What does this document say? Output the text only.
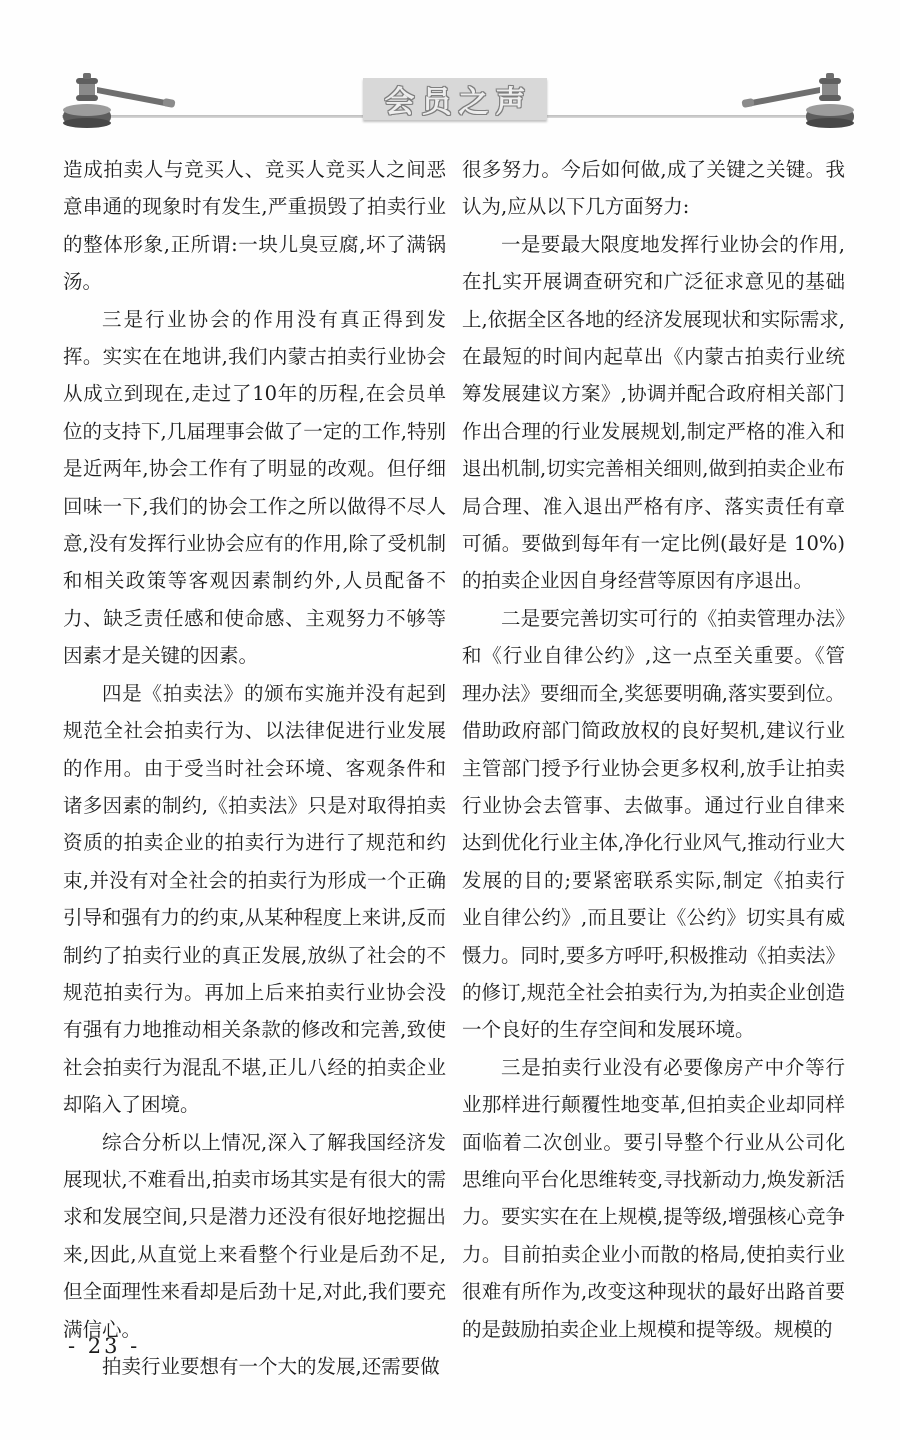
会员之声

造成拍卖人与竞买人、竞买人竞买人之间恶意串通的现象时有发生,严重损毁了拍卖行业的整体形象,正所谓:一块儿臭豆腐,坏了满锅汤。

三是行业协会的作用没有真正得到发挥。实实在在地讲,我们内蒙古拍卖行业协会从成立到现在,走过了10年的历程,在会员单位的支持下,几届理事会做了一定的工作,特别是近两年,协会工作有了明显的改观。但仔细回味一下,我们的协会工作之所以做得不尽人意,没有发挥行业协会应有的作用,除了受机制和相关政策等客观因素制约外,人员配备不力、缺乏责任感和使命感、主观努力不够等因素才是关键的因素。

四是《拍卖法》的颁布实施并没有起到规范全社会拍卖行为、以法律促进行业发展的作用。由于受当时社会环境、客观条件和诸多因素的制约,《拍卖法》只是对取得拍卖资质的拍卖企业的拍卖行为进行了规范和约束,并没有对全社会的拍卖行为形成一个正确引导和强有力的约束,从某种程度上来讲,反而制约了拍卖行业的真正发展,放纵了社会的不规范拍卖行为。再加上后来拍卖行业协会没有强有力地推动相关条款的修改和完善,致使社会拍卖行为混乱不堪,正儿八经的拍卖企业却陷入了困境。

综合分析以上情况,深入了解我国经济发展现状,不难看出,拍卖市场其实是有很大的需求和发展空间,只是潜力还没有很好地挖掘出来,因此,从直觉上来看整个行业是后劲不足,但全面理性来看却是后劲十足,对此,我们要充满信心。

拍卖行业要想有一个大的发展,还需要做

很多努力。今后如何做,成了关键之关键。我认为,应从以下几方面努力:

一是要最大限度地发挥行业协会的作用,在扎实开展调查研究和广泛征求意见的基础上,依据全区各地的经济发展现状和实际需求,在最短的时间内起草出《内蒙古拍卖行业统筹发展建议方案》,协调并配合政府相关部门作出合理的行业发展规划,制定严格的准入和退出机制,切实完善相关细则,做到拍卖企业布局合理、准入退出严格有序、落实责任有章可循。要做到每年有一定比例(最好是 10%)的拍卖企业因自身经营等原因有序退出。

二是要完善切实可行的《拍卖管理办法》和《行业自律公约》,这一点至关重要。《管理办法》要细而全,奖惩要明确,落实要到位。借助政府部门简政放权的良好契机,建议行业主管部门授予行业协会更多权利,放手让拍卖行业协会去管事、去做事。通过行业自律来达到优化行业主体,净化行业风气,推动行业大发展的目的;要紧密联系实际,制定《拍卖行业自律公约》,而且要让《公约》切实具有威慑力。同时,要多方呼吁,积极推动《拍卖法》的修订,规范全社会拍卖行为,为拍卖企业创造一个良好的生存空间和发展环境。

三是拍卖行业没有必要像房产中介等行业那样进行颠覆性地变革,但拍卖企业却同样面临着二次创业。要引导整个行业从公司化思维向平台化思维转变,寻找新动力,焕发新活力。要实实在在上规模,提等级,增强核心竞争力。目前拍卖企业小而散的格局,使拍卖行业很难有所作为,改变这种现状的最好出路首要的是鼓励拍卖企业上规模和提等级。规模的

- 23 -
